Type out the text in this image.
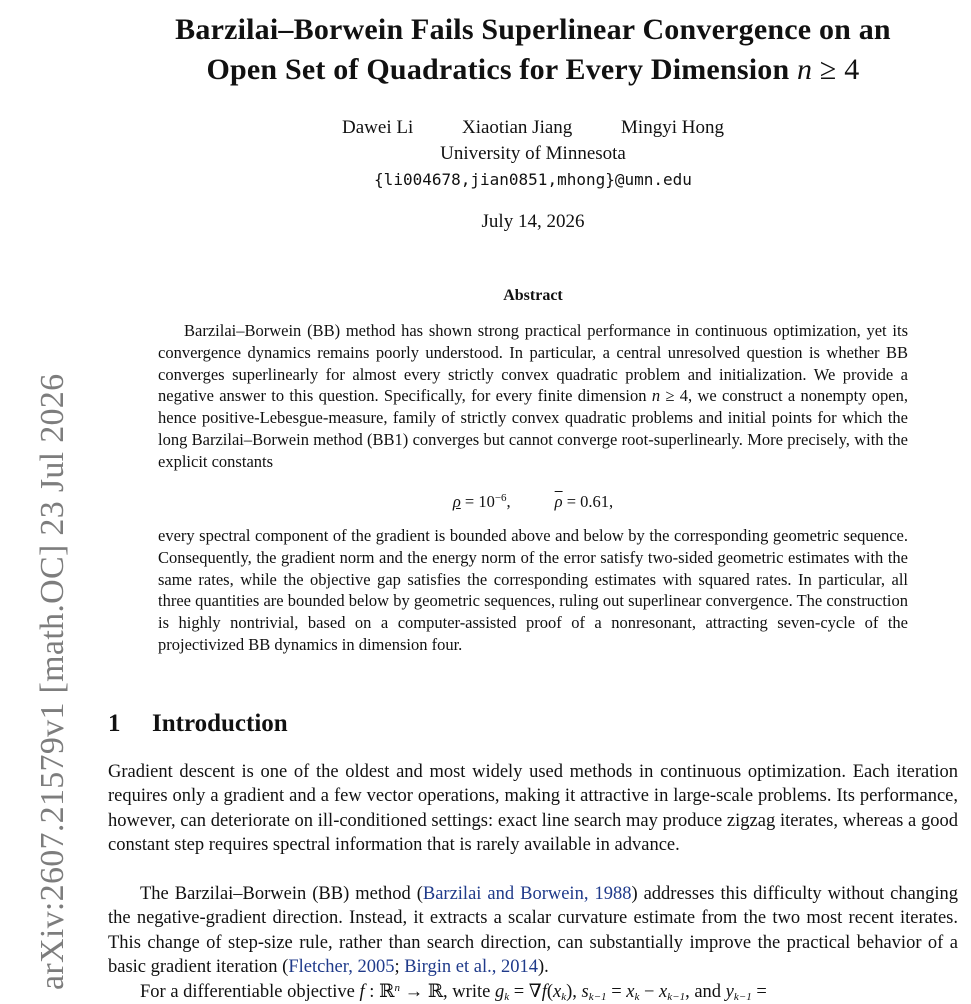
arXiv:2607.21579v1 [math.OC] 23 Jul 2026
Barzilai–Borwein Fails Superlinear Convergence on an
Open Set of Quadratics for Every Dimension n ≥ 4
Dawei Li	Xiaotian Jiang	Mingyi Hong
University of Minnesota
{li004678,jian0851,mhong}@umn.edu
July 14, 2026
Abstract

Barzilai–Borwein (BB) method has shown strong practical performance in continuous optimization, yet its convergence dynamics remains poorly understood. In particular, a central unresolved question is whether BB converges superlinearly for almost every strictly convex quadratic problem and initialization. We provide a negative answer to this question. Specifically, for every finite dimension n ≥ 4, we construct a nonempty open, hence positive-Lebesgue-measure, family of strictly convex quadratic problems and initial points for which the long Barzilai–Borwein method (BB1) converges but cannot converge root-superlinearly. More precisely, with the explicit constants

$\rho = 10^{-6}$,	$\overline{\rho} = 0.61$,

every spectral component of the gradient is bounded above and below by the corresponding geometric sequence. Consequently, the gradient norm and the energy norm of the error satisfy two-sided geometric estimates with the same rates, while the objective gap satisfies the corresponding estimates with squared rates. In particular, all three quantities are bounded below by geometric sequences, ruling out superlinear convergence. The construction is highly nontrivial, based on a computer-assisted proof of a nonresonant, attracting seven-cycle of the projectivized BB dynamics in dimension four.

1 Introduction

Gradient descent is one of the oldest and most widely used methods in continuous optimization. Each iteration requires only a gradient and a few vector operations, making it attractive in large-scale problems. Its performance, however, can deteriorate on ill-conditioned settings: exact line search may produce zigzag iterates, whereas a good constant step requires spectral information that is rarely available in advance.

The Barzilai–Borwein (BB) method (Barzilai and Borwein, 1988) addresses this difficulty without changing the negative-gradient direction. Instead, it extracts a scalar curvature estimate from the two most recent iterates. This change of step-size rule, rather than search direction, can substantially improve the practical behavior of a basic gradient iteration (Fletcher, 2005; Birgin et al., 2014).

For a differentiable objective f : ℝ$^n$ → ℝ, write $g_k = \nabla f(x_k)$, $s_{k-1} = x_k - x_{k-1}$, and $y_{k-1}$ =
